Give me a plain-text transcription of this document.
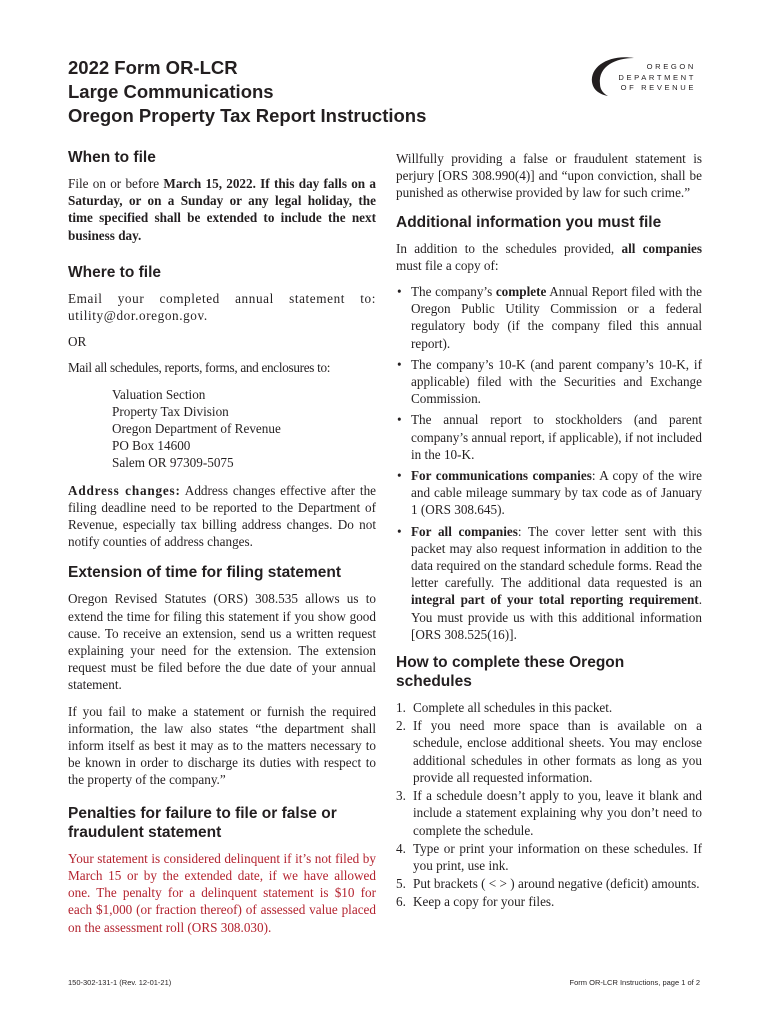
2022 Form OR-LCR
Large Communications
Oregon Property Tax Report Instructions
OREGON
DEPARTMENT
OF REVENUE
When to file

File on or before March 15, 2022. If this day falls on a Saturday, or on a Sunday or any legal holiday, the time specified shall be extended to include the next business day.

Where to file

Email your completed annual statement to: utility@dor.oregon.gov.

OR

Mail all schedules, reports, forms, and enclosures to:

Valuation Section
Property Tax Division
Oregon Department of Revenue
PO Box 14600
Salem OR 97309-5075

Address changes: Address changes effective after the filing deadline need to be reported to the Department of Revenue, especially tax billing address changes. Do not notify counties of address changes.

Extension of time for filing statement

Oregon Revised Statutes (ORS) 308.535 allows us to extend the time for filing this statement if you show good cause. To receive an extension, send us a written request explaining your need for the extension. The extension request must be filed before the due date of your annual statement.

If you fail to make a statement or furnish the required information, the law also states “the department shall inform itself as best it may as to the matters necessary to be known in order to discharge its duties with respect to the property of the company.”

Penalties for failure to file or false or fraudulent statement

Your statement is considered delinquent if it’s not filed by March 15 or by the extended date, if we have allowed one. The penalty for a delinquent statement is $10 for each $1,000 (or fraction thereof) of assessed value placed on the assessment roll (ORS 308.030).

Willfully providing a false or fraudulent statement is perjury [ORS 308.990(4)] and “upon conviction, shall be punished as otherwise provided by law for such crime.”

Additional information you must file

In addition to the schedules provided, all companies must file a copy of:

• The company’s complete Annual Report filed with the Oregon Public Utility Commission or a federal regulatory body (if the company filed this annual report).
• The company’s 10-K (and parent company’s 10-K, if applicable) filed with the Securities and Exchange Commission.
• The annual report to stockholders (and parent company’s annual report, if applicable), if not included in the 10-K.
• For communications companies: A copy of the wire and cable mileage summary by tax code as of January 1 (ORS 308.645).
• For all companies: The cover letter sent with this packet may also request information in addition to the data required on the standard schedule forms. Read the letter carefully. The additional data requested is an integral part of your total reporting requirement. You must provide us with this additional information [ORS 308.525(16)].
How to complete these Oregon schedules
1. Complete all schedules in this packet.
2. If you need more space than is available on a schedule, enclose additional sheets. You may enclose additional schedules in other formats as long as you provide all requested information.
3. If a schedule doesn’t apply to you, leave it blank and include a statement explaining why you don’t need to complete the schedule.
4. Type or print your information on these schedules. If you print, use ink.
5. Put brackets ( < > ) around negative (deficit) amounts.
6. Keep a copy for your files.
150-302-131-1 (Rev. 12-01-21)	Form OR-LCR Instructions, page 1 of 2
